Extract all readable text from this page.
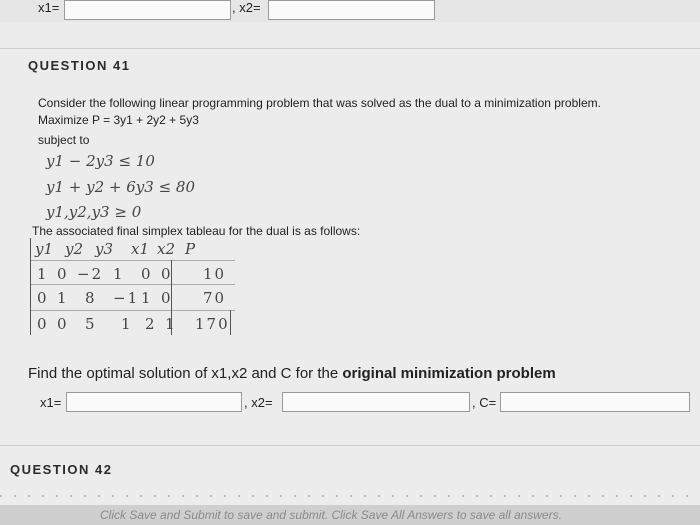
x1=	, x2=
QUESTION 41
Consider the following linear programming problem that was solved as the dual to a minimization problem.
Maximize P = 3y1 + 2y2 + 5y3
subject to
y1 − 2y3 ≤ 10
y1 + y2 + 6y3 ≤ 80
y1,y2,y3 ≥ 0
The associated final simplex tableau for the dual is as follows:
y1 y2 y3 x1 x2 P
1 0 −2 1 0 0 10
0 1 8 −1 1 0 70
0 0 5 1 2 1 170
Find the optimal solution of x1,x2 and C for the original minimization problem
x1=	, x2=	, C=
QUESTION 42
Click Save and Submit to save and submit. Click Save All Answers to save all answers.
